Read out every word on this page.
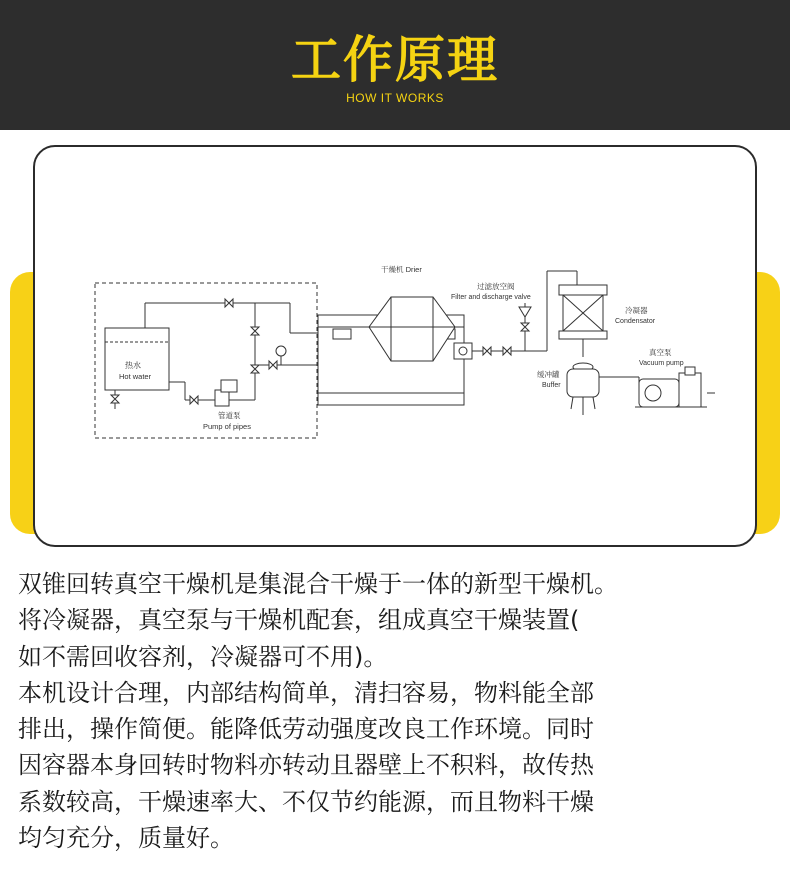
工作原理
HOW IT WORKS
热水
Hot water
管道泵
Pump of pipes
干燥机 Drier
过滤放空阀
Filter and discharge valve
冷凝器
Condensator
缓冲罐
Buffer
真空泵
Vacuum pump

双锥回转真空干燥机是集混合干燥于一体的新型干燥机。

将冷凝器，真空泵与干燥机配套，组成真空干燥装置(

如不需回收容剂，冷凝器可不用)。

本机设计合理，内部结构简单，清扫容易，物料能全部

排出，操作简便。能降低劳动强度改良工作环境。同时

因容器本身回转时物料亦转动且器壁上不积料，故传热

系数较高，干燥速率大、不仅节约能源，而且物料干燥

均匀充分，质量好。
